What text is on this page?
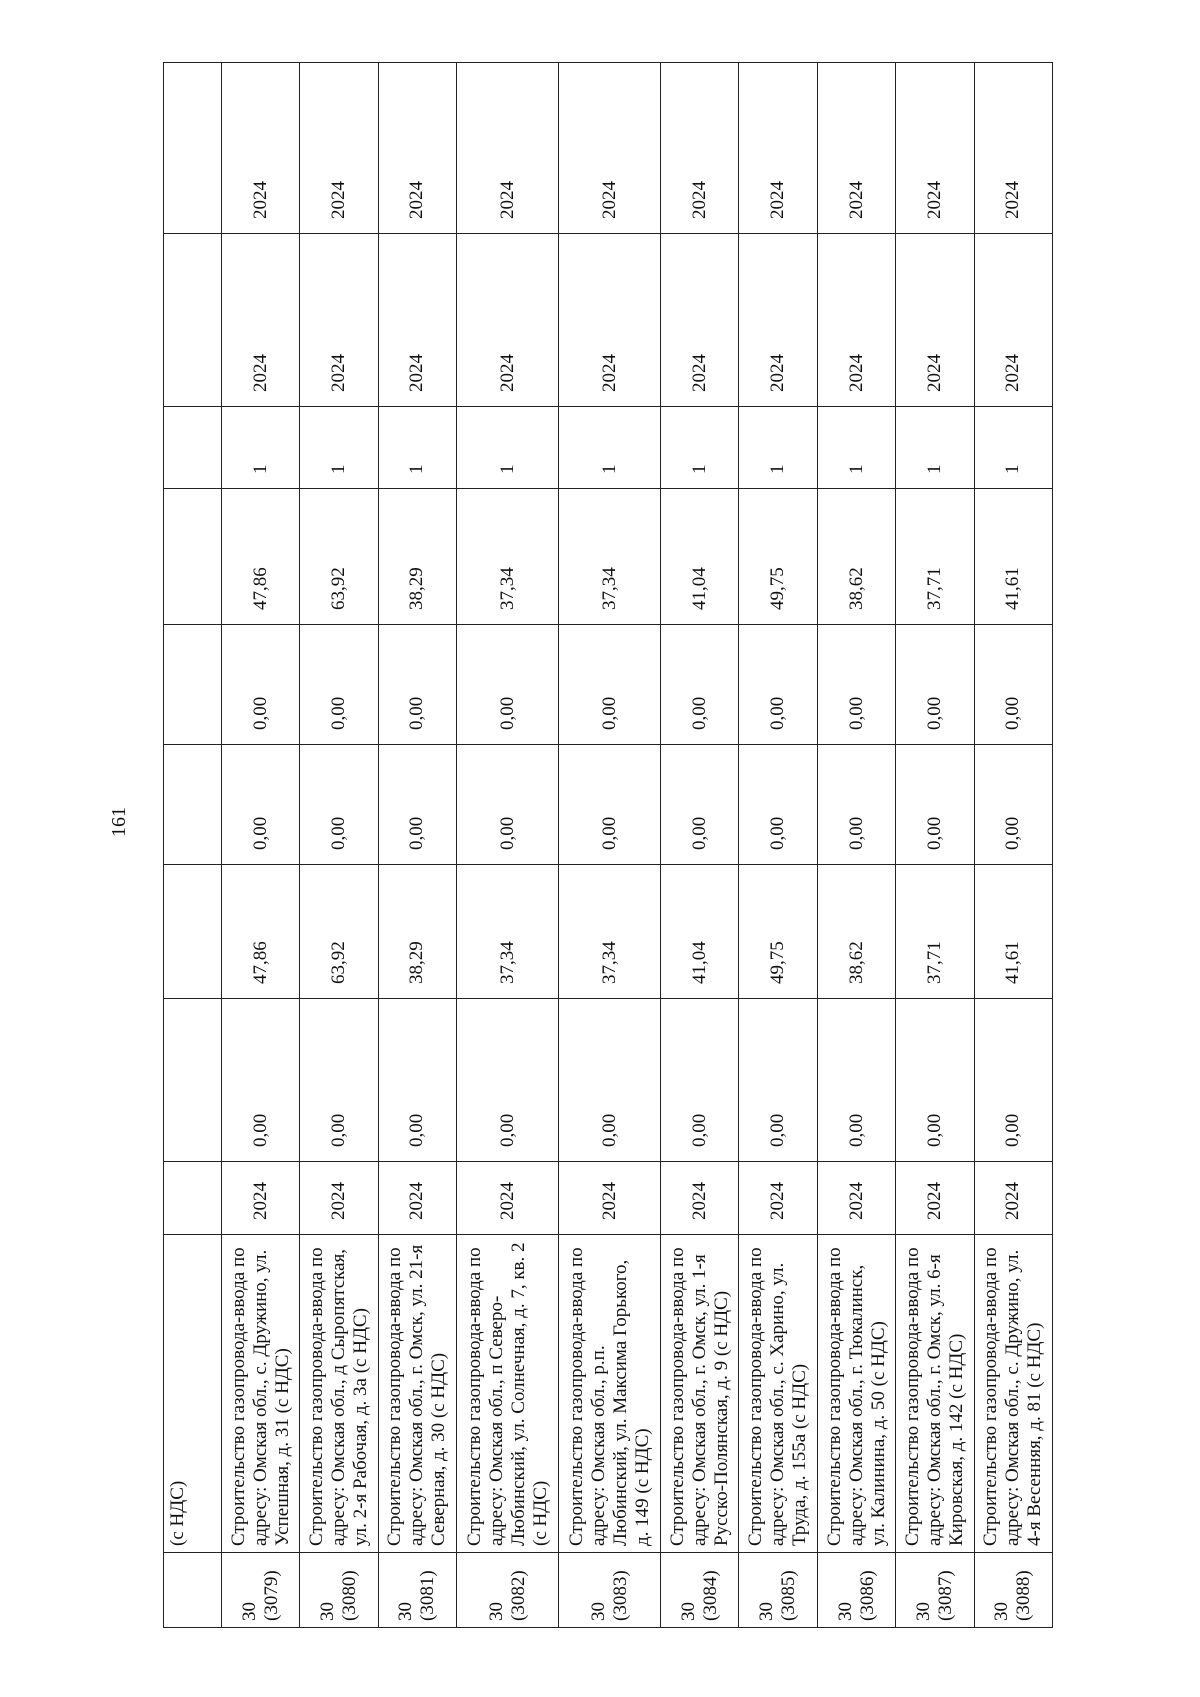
161
	(с НДС)									
30 (3079)	Строительство газопровода-ввода по адресу: Омская обл., с. Дружино, ул. Успешная, д. 31 (с НДС)	2024	0,00	47,86	0,00	0,00	47,86	1	2024	2024
30 (3080)	Строительство газопровода-ввода по адресу: Омская обл., д Сыропятская, ул. 2-я Рабочая, д. 3а (с НДС)	2024	0,00	63,92	0,00	0,00	63,92	1	2024	2024
30 (3081)	Строительство газопровода-ввода по адресу: Омская обл., г. Омск, ул. 21-я Северная, д. 30 (с НДС)	2024	0,00	38,29	0,00	0,00	38,29	1	2024	2024
30 (3082)	Строительство газопровода-ввода по адресу: Омская обл., п Северо-Любинский, ул. Солнечная, д. 7, кв. 2 (с НДС)	2024	0,00	37,34	0,00	0,00	37,34	1	2024	2024
30 (3083)	Строительство газопровода-ввода по адресу: Омская обл., р.п. Любинский, ул. Максима Горького, д. 149 (с НДС)	2024	0,00	37,34	0,00	0,00	37,34	1	2024	2024
30 (3084)	Строительство газопровода-ввода по адресу: Омская обл., г. Омск, ул. 1-я Русско-Полянская, д. 9 (с НДС)	2024	0,00	41,04	0,00	0,00	41,04	1	2024	2024
30 (3085)	Строительство газопровода-ввода по адресу: Омская обл., с. Харино, ул. Труда, д. 155а (с НДС)	2024	0,00	49,75	0,00	0,00	49,75	1	2024	2024
30 (3086)	Строительство газопровода-ввода по адресу: Омская обл., г. Тюкалинск, ул. Калинина, д. 50 (с НДС)	2024	0,00	38,62	0,00	0,00	38,62	1	2024	2024
30 (3087)	Строительство газопровода-ввода по адресу: Омская обл., г. Омск, ул. 6-я Кировская, д. 142 (с НДС)	2024	0,00	37,71	0,00	0,00	37,71	1	2024	2024
30 (3088)	Строительство газопровода-ввода по адресу: Омская обл., с. Дружино, ул. 4-я Весенняя, д. 81 (с НДС)	2024	0,00	41,61	0,00	0,00	41,61	1	2024	2024
